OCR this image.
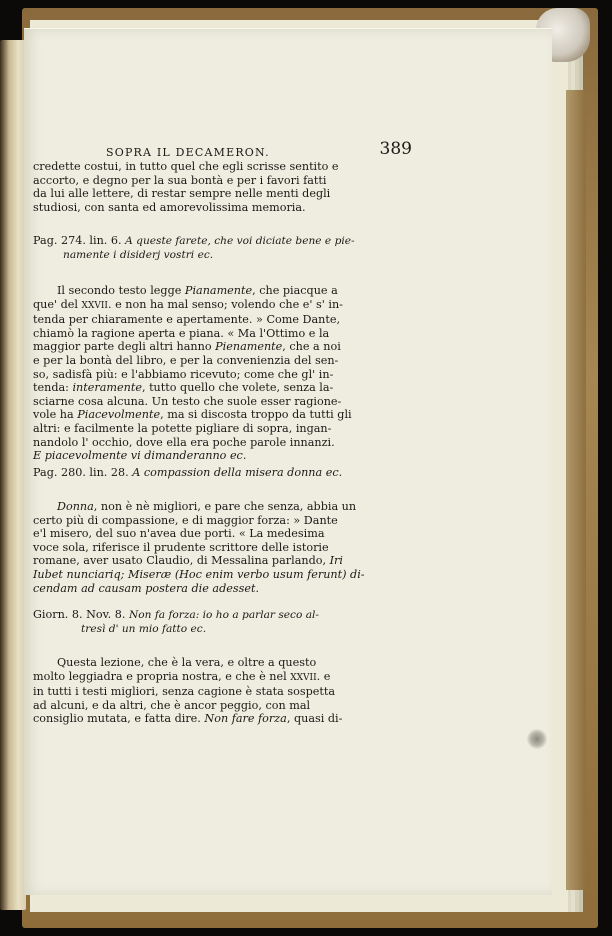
SOPRA IL DECAMERON.	389

credette costui, in tutto quel che egli scrisse sentito e

accorto, e degno per la sua bontà e per i favori fatti

da lui alle lettere, di restar sempre nelle menti degli

studiosi, con santa ed amorevolissima memoria.

Pag. 274. lin. 6. A queste farete, che voi diciate bene e pie-

namente i disiderj vostri ec.

Il secondo testo legge Pianamente, che piacque a

que' del XXVII. e non ha mal senso; volendo che e' s' in-

tenda per chiaramente e apertamente. » Come Dante,

chiamò la ragione aperta e piana. « Ma l'Ottimo e la

maggior parte degli altri hanno Pienamente, che a noi

e per la bontà del libro, e per la convenienzia del sen-

so, sadisfà più: e l'abbiamo ricevuto; come che gl' in-

tenda: interamente, tutto quello che volete, senza la-

sciarne cosa alcuna. Un testo che suole esser ragione-

vole ha Piacevolmente, ma si discosta troppo da tutti gli

altri: e facilmente la potette pigliare di sopra, ingan-

nandolo l' occhio, dove ella era poche parole innanzi.

E piacevolmente vi dimanderanno ec.

Pag. 280. lin. 28. A compassion della misera donna ec.

Donna, non è nè migliori, e pare che senza, abbia un

certo più di compassione, e di maggior forza: » Dante

e'l misero, del suo n'avea due porti. « La medesima

voce sola, riferisce il prudente scrittore delle istorie

romane, aver usato Claudio, di Messalina parlando, Iri

Iubet nunciariq; Miseræ (Hoc enim verbo usum ferunt) di-

cendam ad causam postera die adesset.

Giorn. 8. Nov. 8. Non fa forza: io ho a parlar seco al-

tresì d' un mio fatto ec.

Questa lezione, che è la vera, e oltre a questo

molto leggiadra e propria nostra, e che è nel XXVII. e

in tutti i testi migliori, senza cagione è stata sospetta

ad alcuni, e da altri, che è ancor peggio, con mal

consiglio mutata, e fatta dire. Non fare forza, quasi di-
